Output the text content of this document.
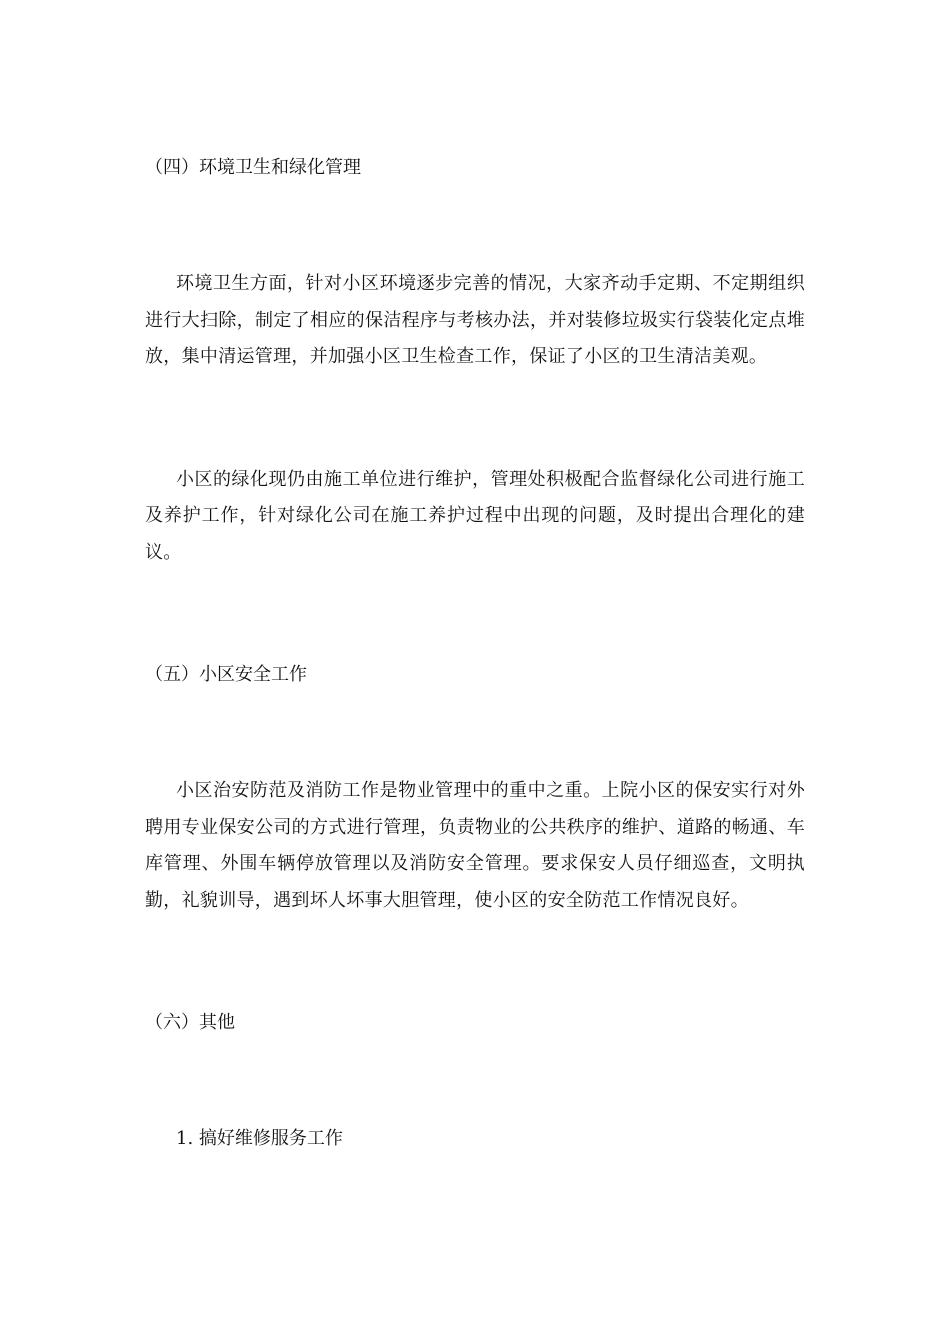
（四）环境卫生和绿化管理

环境卫生方面，针对小区环境逐步完善的情况，大家齐动手定期、不定期组织进行大扫除，制定了相应的保洁程序与考核办法，并对装修垃圾实行袋装化定点堆放，集中清运管理，并加强小区卫生检查工作，保证了小区的卫生清洁美观。

小区的绿化现仍由施工单位进行维护，管理处积极配合监督绿化公司进行施工及养护工作，针对绿化公司在施工养护过程中出现的问题，及时提出合理化的建议。

（五）小区安全工作

小区治安防范及消防工作是物业管理中的重中之重。上院小区的保安实行对外聘用专业保安公司的方式进行管理，负责物业的公共秩序的维护、道路的畅通、车库管理、外围车辆停放管理以及消防安全管理。要求保安人员仔细巡查，文明执勤，礼貌训导，遇到坏人坏事大胆管理，使小区的安全防范工作情况良好。

（六）其他

1. 搞好维修服务工作
